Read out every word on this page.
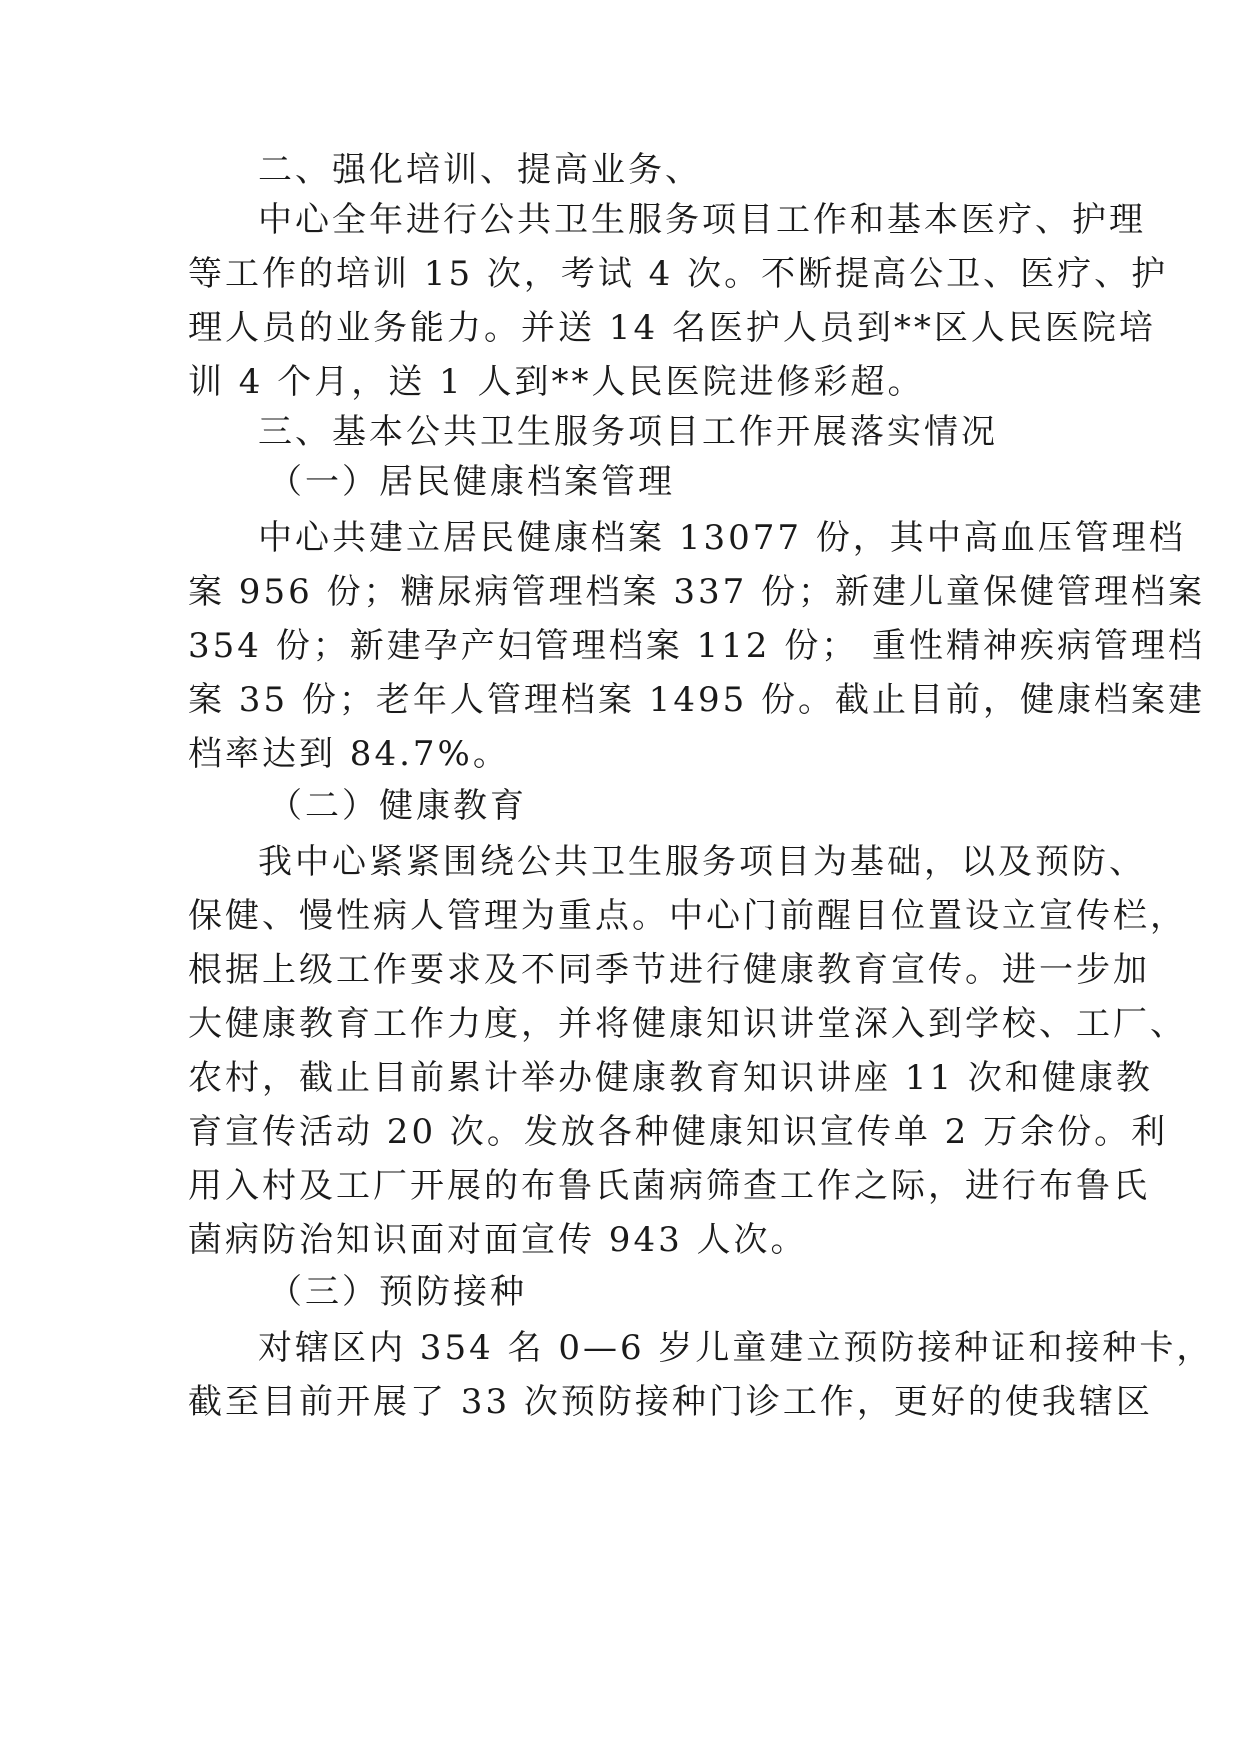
二、强化培训、提高业务、
中心全年进行公共卫生服务项目工作和基本医疗、护理
等工作的培训 15 次，考试 4 次。不断提高公卫、医疗、护
理人员的业务能力。并送 14 名医护人员到**区人民医院培
训 4 个月，送 1 人到**人民医院进修彩超。
三、基本公共卫生服务项目工作开展落实情况
（一）居民健康档案管理
中心共建立居民健康档案 13077 份，其中高血压管理档
案 956 份；糖尿病管理档案 337 份；新建儿童保健管理档案
354 份；新建孕产妇管理档案 112 份； 重性精神疾病管理档
案 35 份；老年人管理档案 1495 份。截止目前，健康档案建
档率达到 84.7%。
（二）健康教育
我中心紧紧围绕公共卫生服务项目为基础，以及预防、
保健、慢性病人管理为重点。中心门前醒目位置设立宣传栏，
根据上级工作要求及不同季节进行健康教育宣传。进一步加
大健康教育工作力度，并将健康知识讲堂深入到学校、工厂、
农村，截止目前累计举办健康教育知识讲座 11 次和健康教
育宣传活动 20 次。发放各种健康知识宣传单 2 万余份。利
用入村及工厂开展的布鲁氏菌病筛查工作之际，进行布鲁氏
菌病防治知识面对面宣传 943 人次。
（三）预防接种
对辖区内 354 名 0—6 岁儿童建立预防接种证和接种卡，
截至目前开展了 33 次预防接种门诊工作，更好的使我辖区
